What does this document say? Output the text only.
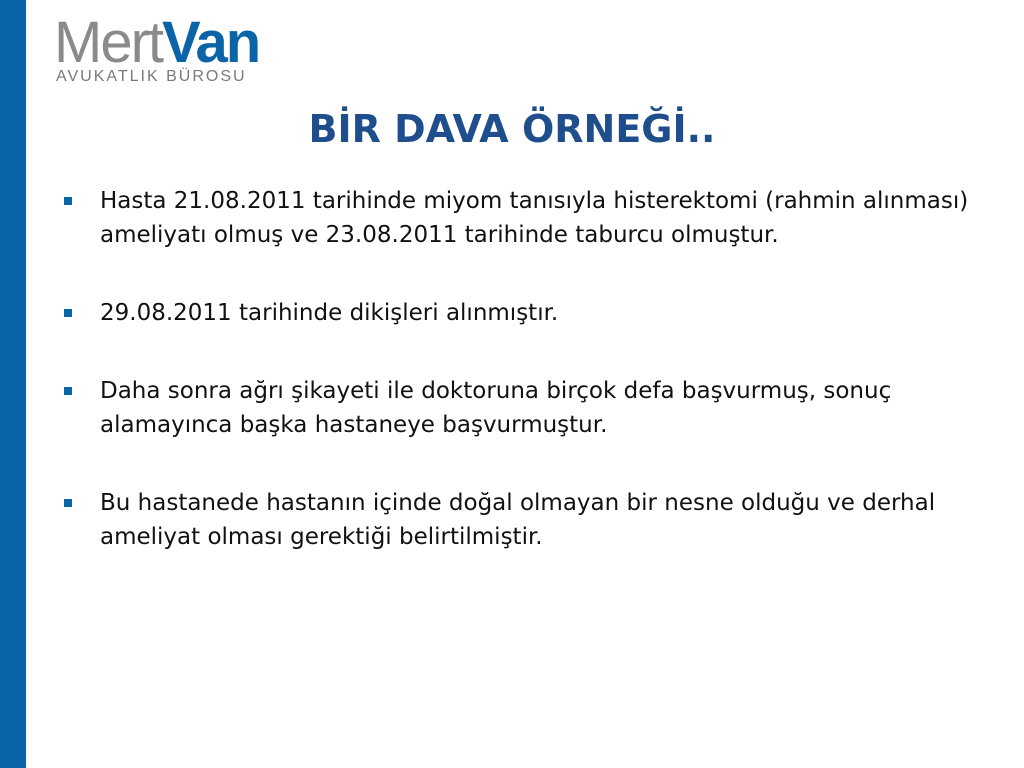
MertVan
AVUKATLIK BÜROSU
BİR DAVA ÖRNEĞİ..
Hasta 21.08.2011 tarihinde miyom tanısıyla histerektomi (rahmin alınması) ameliyatı olmuş ve 23.08.2011 tarihinde taburcu olmuştur.
29.08.2011 tarihinde dikişleri alınmıştır.
Daha sonra ağrı şikayeti ile doktoruna birçok defa başvurmuş, sonuç alamayınca başka hastaneye başvurmuştur.
Bu hastanede hastanın içinde doğal olmayan bir nesne olduğu ve derhal ameliyat olması gerektiği belirtilmiştir.
